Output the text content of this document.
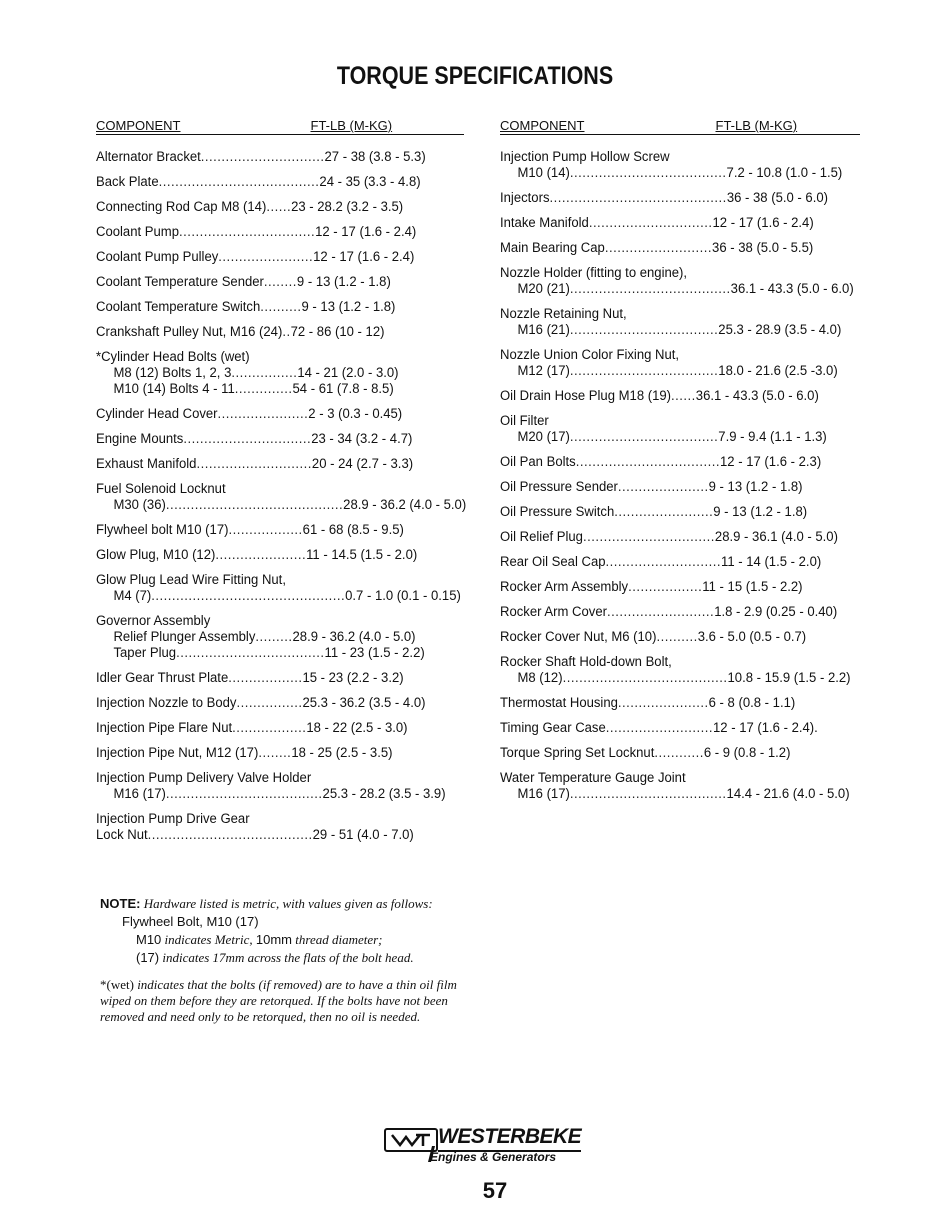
TORQUE SPECIFICATIONS
COMPONENT	FT-LB (M-KG)
Alternator Bracket .............................. 27 - 38 (3.8 - 5.3)
Back Plate ....................................... 24 - 35 (3.3 - 4.8)
Connecting Rod Cap M8 (14) ...... 23 - 28.2 (3.2 - 3.5)
Coolant Pump ................................. 12 - 17 (1.6 - 2.4)
Coolant Pump Pulley ....................... 12 - 17 (1.6 - 2.4)
Coolant Temperature Sender ........ 9 - 13 (1.2 - 1.8)
Coolant Temperature Switch .......... 9 - 13 (1.2 - 1.8)
Crankshaft Pulley Nut, M16 (24) .. 72 - 86 (10 - 12)
*Cylinder Head Bolts (wet)
M8 (12) Bolts 1, 2, 3 ................ 14 - 21 (2.0 - 3.0)
M10 (14) Bolts 4 - 11 .............. 54 - 61 (7.8 - 8.5)
Cylinder Head Cover ...................... 2 - 3 (0.3 - 0.45)
Engine Mounts ............................... 23 - 34 (3.2 - 4.7)
Exhaust Manifold ............................ 20 - 24 (2.7 - 3.3)
Fuel Solenoid Locknut
M30 (36) ........................................... 28.9 - 36.2 (4.0 - 5.0)
Flywheel bolt M10 (17) .................. 61 - 68 (8.5 - 9.5)
Glow Plug, M10 (12) ...................... 11 - 14.5 (1.5 - 2.0)
Glow Plug Lead Wire Fitting Nut,
M4 (7) ............................................... 0.7 - 1.0 (0.1 - 0.15)
Governor Assembly
Relief Plunger Assembly ......... 28.9 - 36.2 (4.0 - 5.0)
Taper Plug .................................... 11 - 23 (1.5 - 2.2)
Idler Gear Thrust Plate .................. 15 - 23 (2.2 - 3.2)
Injection Nozzle to Body ................ 25.3 - 36.2 (3.5 - 4.0)
Injection Pipe Flare Nut .................. 18 - 22 (2.5 - 3.0)
Injection Pipe Nut, M12 (17) ........ 18 - 25 (2.5 - 3.5)
Injection Pump Delivery Valve Holder
M16 (17) ...................................... 25.3 - 28.2 (3.5 - 3.9)
Injection Pump Drive Gear
Lock Nut ........................................ 29 - 51 (4.0 - 7.0)
COMPONENT	FT-LB (M-KG)
Injection Pump Hollow Screw
M10 (14) ...................................... 7.2 - 10.8 (1.0 - 1.5)
Injectors ........................................... 36 - 38 (5.0 - 6.0)
Intake Manifold .............................. 12 - 17 (1.6 - 2.4)
Main Bearing Cap .......................... 36 - 38 (5.0 - 5.5)
Nozzle Holder (fitting to engine),
M20 (21) ....................................... 36.1 - 43.3 (5.0 - 6.0)
Nozzle Retaining Nut,
M16 (21) .................................... 25.3 - 28.9 (3.5 - 4.0)
Nozzle Union Color Fixing Nut,
M12 (17) .................................... 18.0 - 21.6 (2.5 -3.0)
Oil Drain Hose Plug M18 (19) ...... 36.1 - 43.3 (5.0 - 6.0)
Oil Filter
M20 (17) .................................... 7.9 - 9.4 (1.1 - 1.3)
Oil Pan Bolts ................................... 12 - 17 (1.6 - 2.3)
Oil Pressure Sender ...................... 9 - 13 (1.2 - 1.8)
Oil Pressure Switch ........................ 9 - 13 (1.2 - 1.8)
Oil Relief Plug ................................ 28.9 - 36.1 (4.0 - 5.0)
Rear Oil Seal Cap ............................ 11 - 14 (1.5 - 2.0)
Rocker Arm Assembly .................. 11 - 15 (1.5 - 2.2)
Rocker Arm Cover .......................... 1.8 - 2.9 (0.25 - 0.40)
Rocker Cover Nut, M6 (10) .......... 3.6 - 5.0 (0.5 - 0.7)
Rocker Shaft Hold-down Bolt,
M8 (12) ........................................ 10.8 - 15.9 (1.5 - 2.2)
Thermostat Housing ...................... 6 - 8 (0.8 - 1.1)
Timing Gear Case .......................... 12 - 17 (1.6 - 2.4).
Torque Spring Set Locknut ............ 6 - 9 (0.8 - 1.2)
Water Temperature Gauge Joint
M16 (17) ...................................... 14.4 - 21.6 (4.0 - 5.0)
NOTE: Hardware listed is metric, with values given as follows:
Flywheel Bolt, M10 (17)
M10 indicates Metric, 10mm thread diameter;
(17) indicates 17mm across the flats of the bolt head.
*(wet) indicates that the bolts (if removed) are to have a thin oil film wiped on them before they are retorqued. If the bolts have not been removed and need only to be retorqued, then no oil is needed.
WESTERBEKE
Engines & Generators
57
